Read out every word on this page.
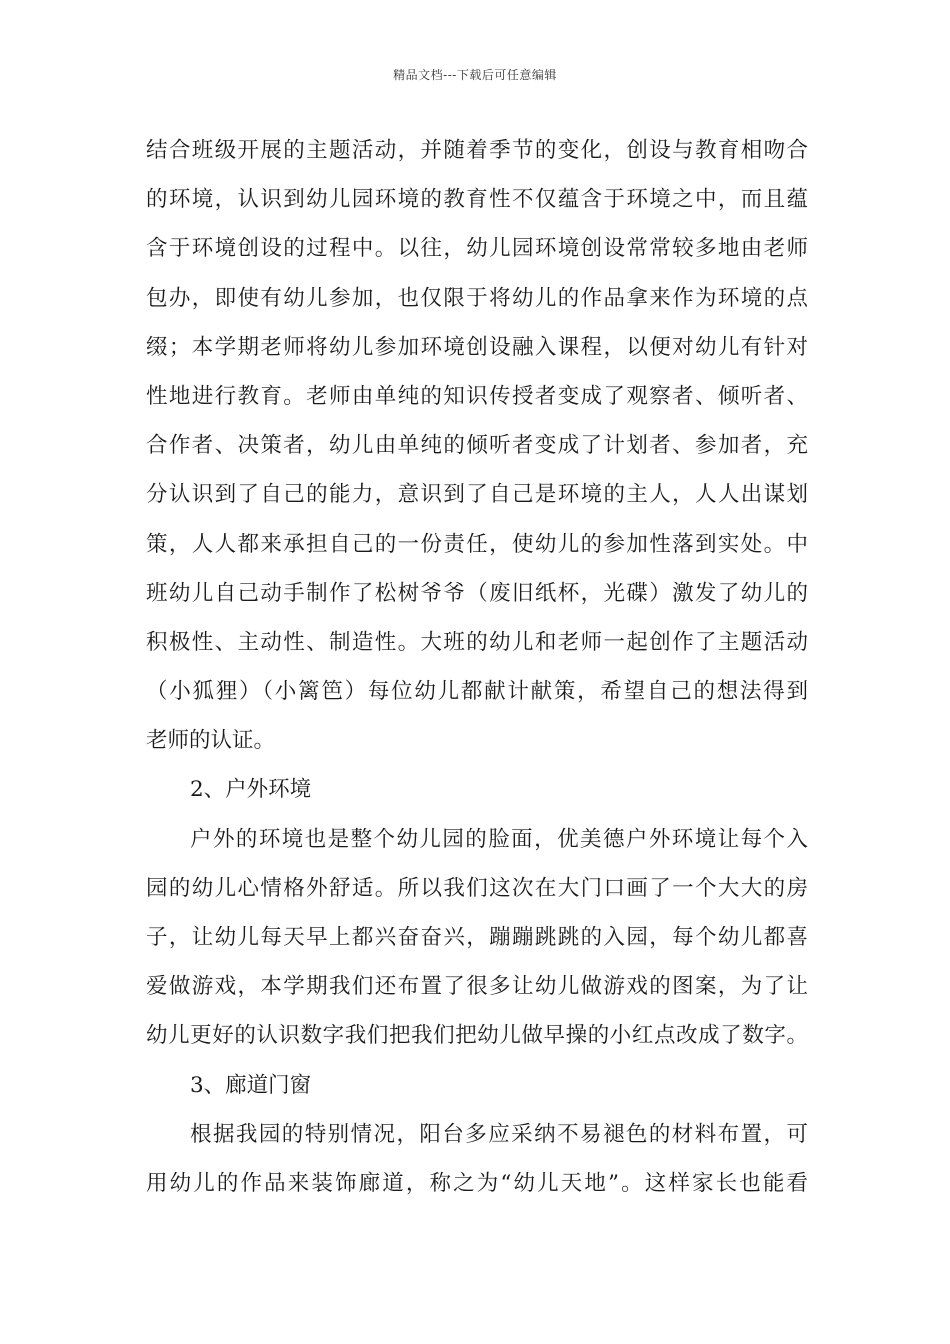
精品文档---下载后可任意编辑
结合班级开展的主题活动，并随着季节的变化，创设与教育相吻合
的环境，认识到幼儿园环境的教育性不仅蕴含于环境之中，而且蕴
含于环境创设的过程中。以往，幼儿园环境创设常常较多地由老师
包办，即使有幼儿参加，也仅限于将幼儿的作品拿来作为环境的点
缀；本学期老师将幼儿参加环境创设融入课程，以便对幼儿有针对
性地进行教育。老师由单纯的知识传授者变成了观察者、倾听者、
合作者、决策者，幼儿由单纯的倾听者变成了计划者、参加者，充
分认识到了自己的能力，意识到了自己是环境的主人，人人出谋划
策，人人都来承担自己的一份责任，使幼儿的参加性落到实处。中
班幼儿自己动手制作了松树爷爷（废旧纸杯，光碟）激发了幼儿的
积极性、主动性、制造性。大班的幼儿和老师一起创作了主题活动
（小狐狸）（小篱笆）每位幼儿都献计献策，希望自己的想法得到
老师的认证。
2、户外环境
户外的环境也是整个幼儿园的脸面，优美德户外环境让每个入
园的幼儿心情格外舒适。所以我们这次在大门口画了一个大大的房
子，让幼儿每天早上都兴奋奋兴，蹦蹦跳跳的入园，每个幼儿都喜
爱做游戏，本学期我们还布置了很多让幼儿做游戏的图案，为了让
幼儿更好的认识数字我们把我们把幼儿做早操的小红点改成了数字。
3、廊道门窗
根据我园的特别情况，阳台多应采纳不易褪色的材料布置，可
用幼儿的作品来装饰廊道，称之为“幼儿天地”。这样家长也能看
